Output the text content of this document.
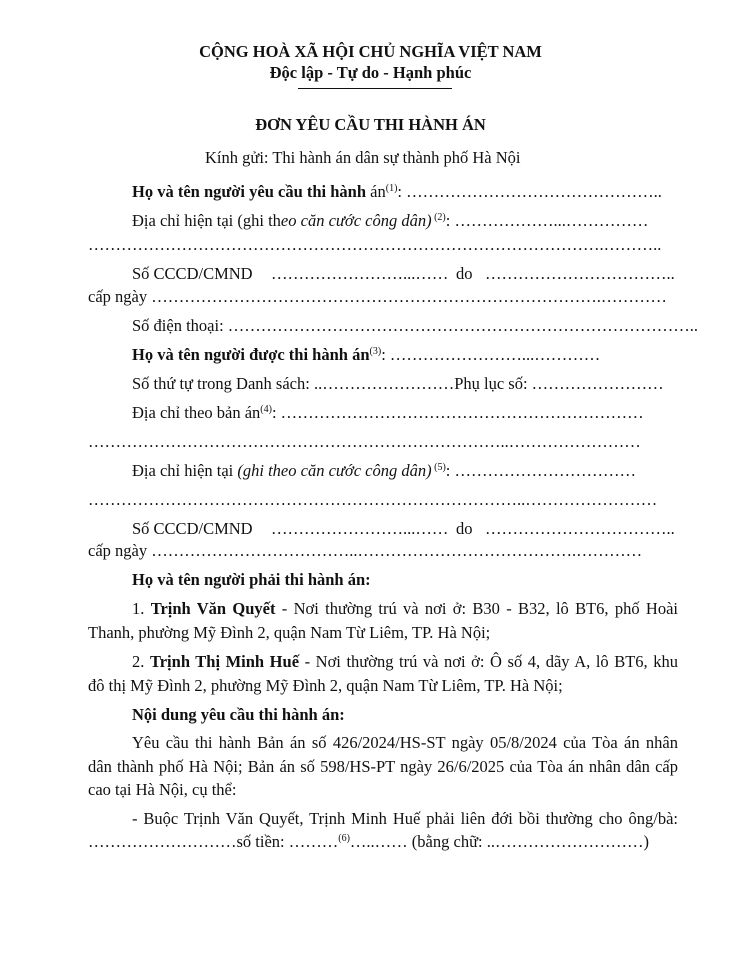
CỘNG HOÀ XÃ HỘI CHỦ NGHĨA VIỆT NAM
Độc lập - Tự do - Hạnh phúc
ĐƠN YÊU CẦU THI HÀNH ÁN
Kính gửi: Thi hành án dân sự thành phố Hà Nội
Họ và tên người yêu cầu thi hành $án^{(1)}$: ………………………………………..
Địa chỉ hiện tại (ghi theo căn cước công dân) $^{(2)}$: ………………...……………
………………………………………………………………………………….………..
Số CCCD/CMND ……………………...…… do ……………………………..
cấp ngày ……………………………………………………………………….…………
Số điện thoại: …………………………………………………………………………..
Họ và tên người được thi hành $án^{(3)}$: ……………………...…………
Số thứ tự trong Danh sách: ..……………………Phụ lục số: ……………………
Địa chỉ theo bản $án^{(4)}$: …………………………………………………………
…………………………………………………………………..……………………
Địa chỉ hiện tại (ghi theo căn cước công dân) $^{(5)}$: ……………………………
……………………………………………………………………..……………………
Số CCCD/CMND ……………………...…… do ……………………………..
cấp ngày ………………………………..………………………………….…………
Họ và tên người phải thi hành án:
1. Trịnh Văn Quyết - Nơi thường trú và nơi ở: B30 - B32, lô BT6, phố Hoài
Thanh, phường Mỹ Đình 2, quận Nam Từ Liêm, TP. Hà Nội;
2. Trịnh Thị Minh Huế - Nơi thường trú và nơi ở: Ô số 4, dãy A, lô BT6, khu
đô thị Mỹ Đình 2, phường Mỹ Đình 2, quận Nam Từ Liêm, TP. Hà Nội;
Nội dung yêu cầu thi hành án:
Yêu cầu thi hành Bản án số 426/2024/HS-ST ngày 05/8/2024 của Tòa án nhân
dân thành phố Hà Nội; Bản án số 598/HS-PT ngày 26/6/2025 của Tòa án nhân dân cấp
cao tại Hà Nội, cụ thể:
- Buộc Trịnh Văn Quyết, Trịnh Minh Huế phải liên đới bồi thường cho ông/bà:
………………………số tiền: ………$^{(6)}$…..…… (bằng chữ: ..………………………)
